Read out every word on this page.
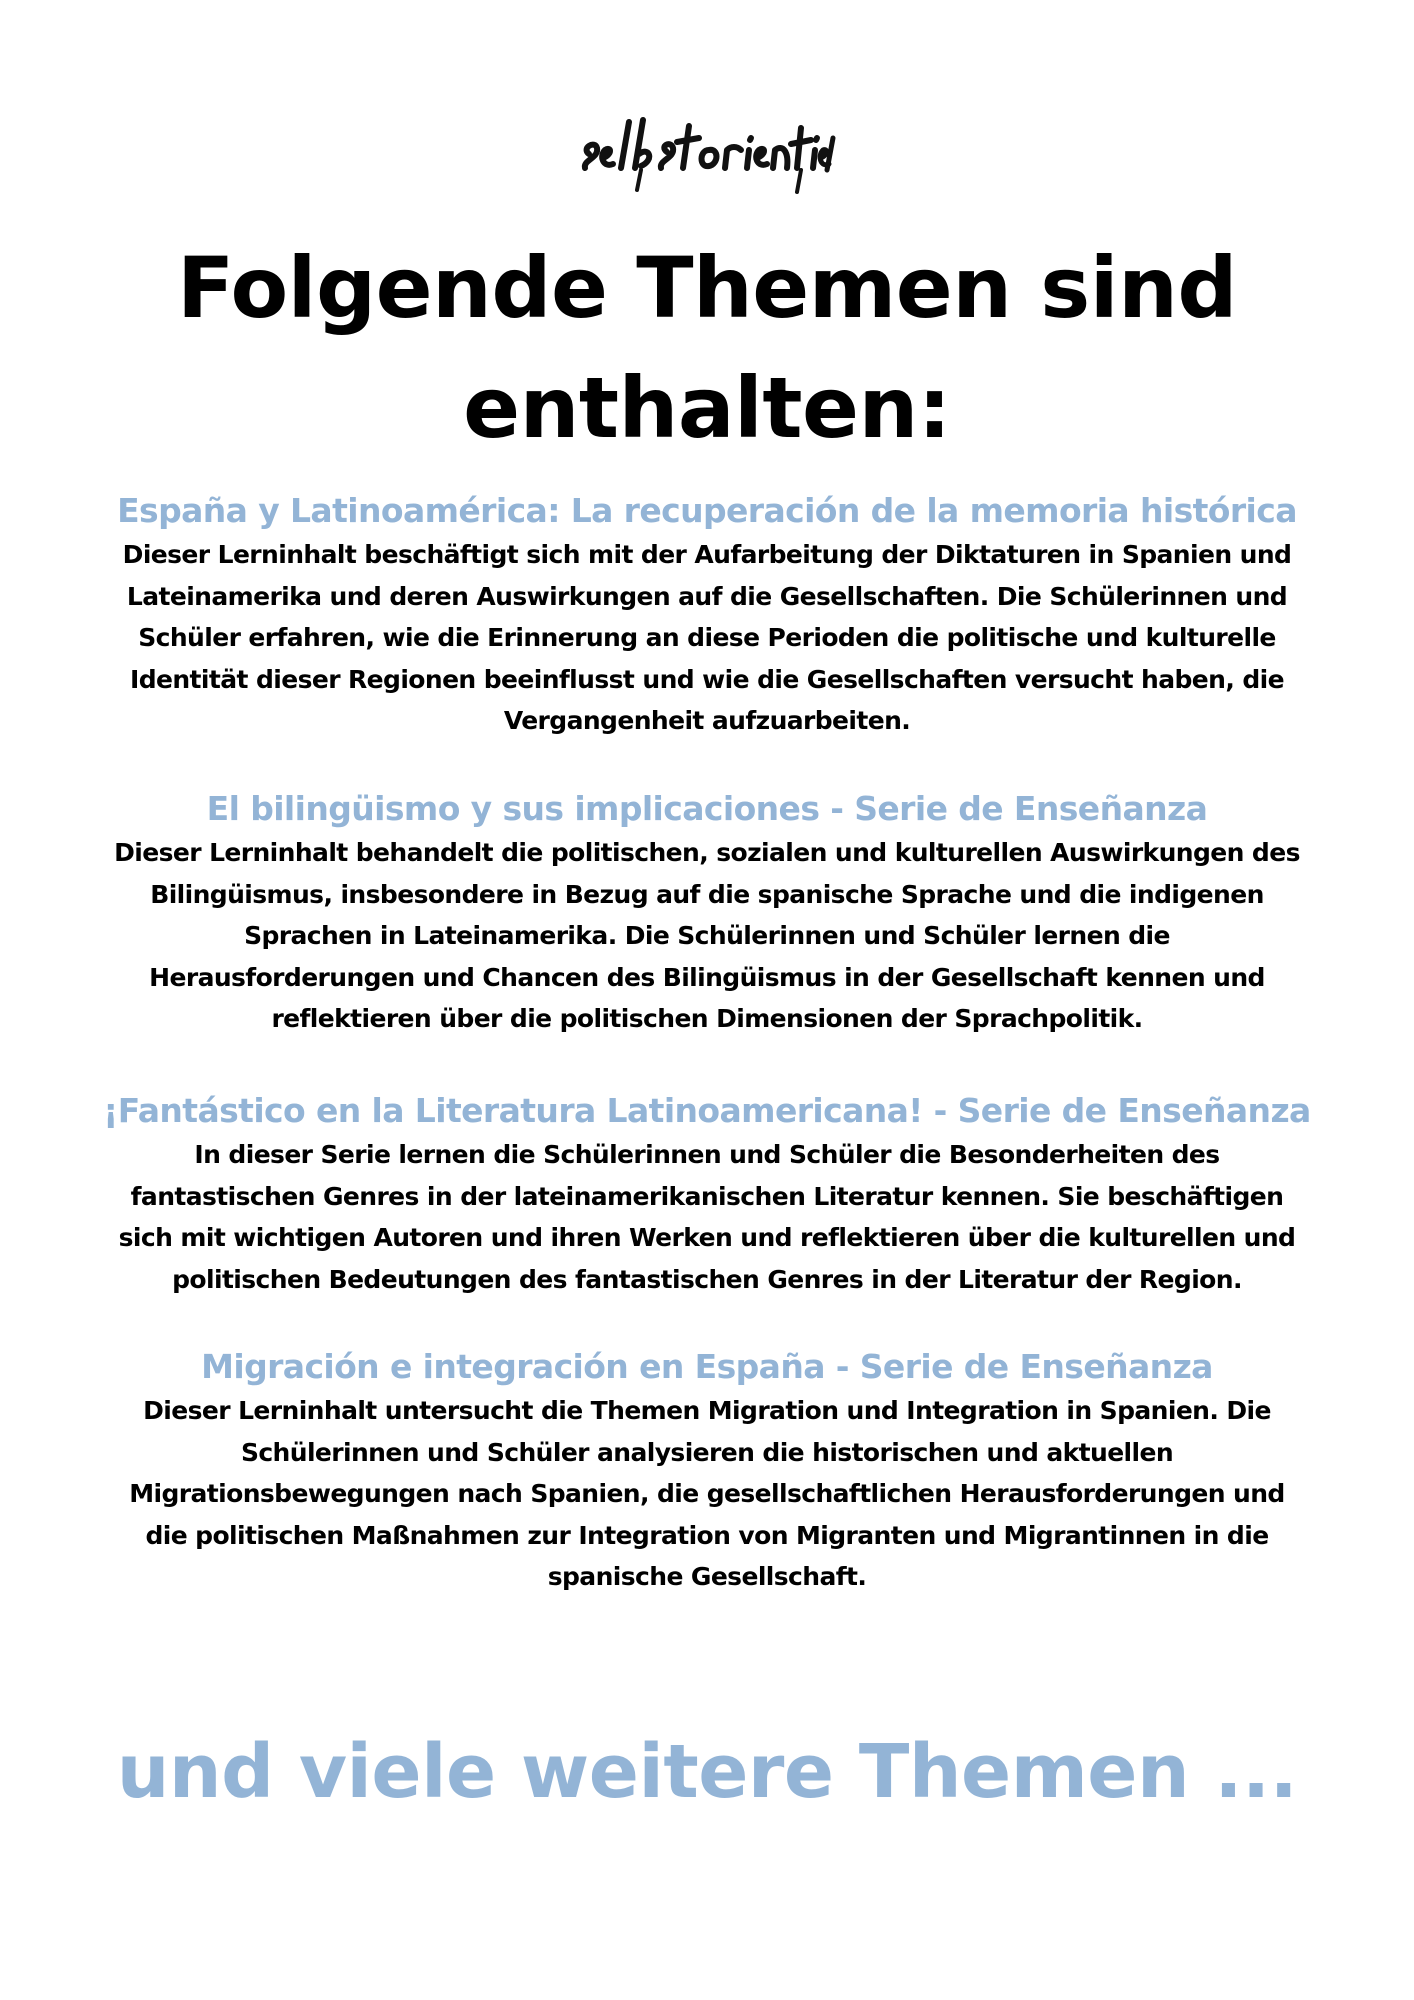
Folgende Themen sind
enthalten:
España y Latinoamérica: La recuperación de la memoria histórica

Dieser Lerninhalt beschäftigt sich mit der Aufarbeitung der Diktaturen in Spanien und
Lateinamerika und deren Auswirkungen auf die Gesellschaften. Die Schülerinnen und
Schüler erfahren, wie die Erinnerung an diese Perioden die politische und kulturelle
Identität dieser Regionen beeinflusst und wie die Gesellschaften versucht haben, die
Vergangenheit aufzuarbeiten.

El bilingüismo y sus implicaciones - Serie de Enseñanza

Dieser Lerninhalt behandelt die politischen, sozialen und kulturellen Auswirkungen des
Bilingüismus, insbesondere in Bezug auf die spanische Sprache und die indigenen
Sprachen in Lateinamerika. Die Schülerinnen und Schüler lernen die
Herausforderungen und Chancen des Bilingüismus in der Gesellschaft kennen und
reflektieren über die politischen Dimensionen der Sprachpolitik.

¡Fantástico en la Literatura Latinoamericana! - Serie de Enseñanza

In dieser Serie lernen die Schülerinnen und Schüler die Besonderheiten des
fantastischen Genres in der lateinamerikanischen Literatur kennen. Sie beschäftigen
sich mit wichtigen Autoren und ihren Werken und reflektieren über die kulturellen und
politischen Bedeutungen des fantastischen Genres in der Literatur der Region.

Migración e integración en España - Serie de Enseñanza

Dieser Lerninhalt untersucht die Themen Migration und Integration in Spanien. Die
Schülerinnen und Schüler analysieren die historischen und aktuellen
Migrationsbewegungen nach Spanien, die gesellschaftlichen Herausforderungen und
die politischen Maßnahmen zur Integration von Migranten und Migrantinnen in die
spanische Gesellschaft.

und viele weitere Themen ...
